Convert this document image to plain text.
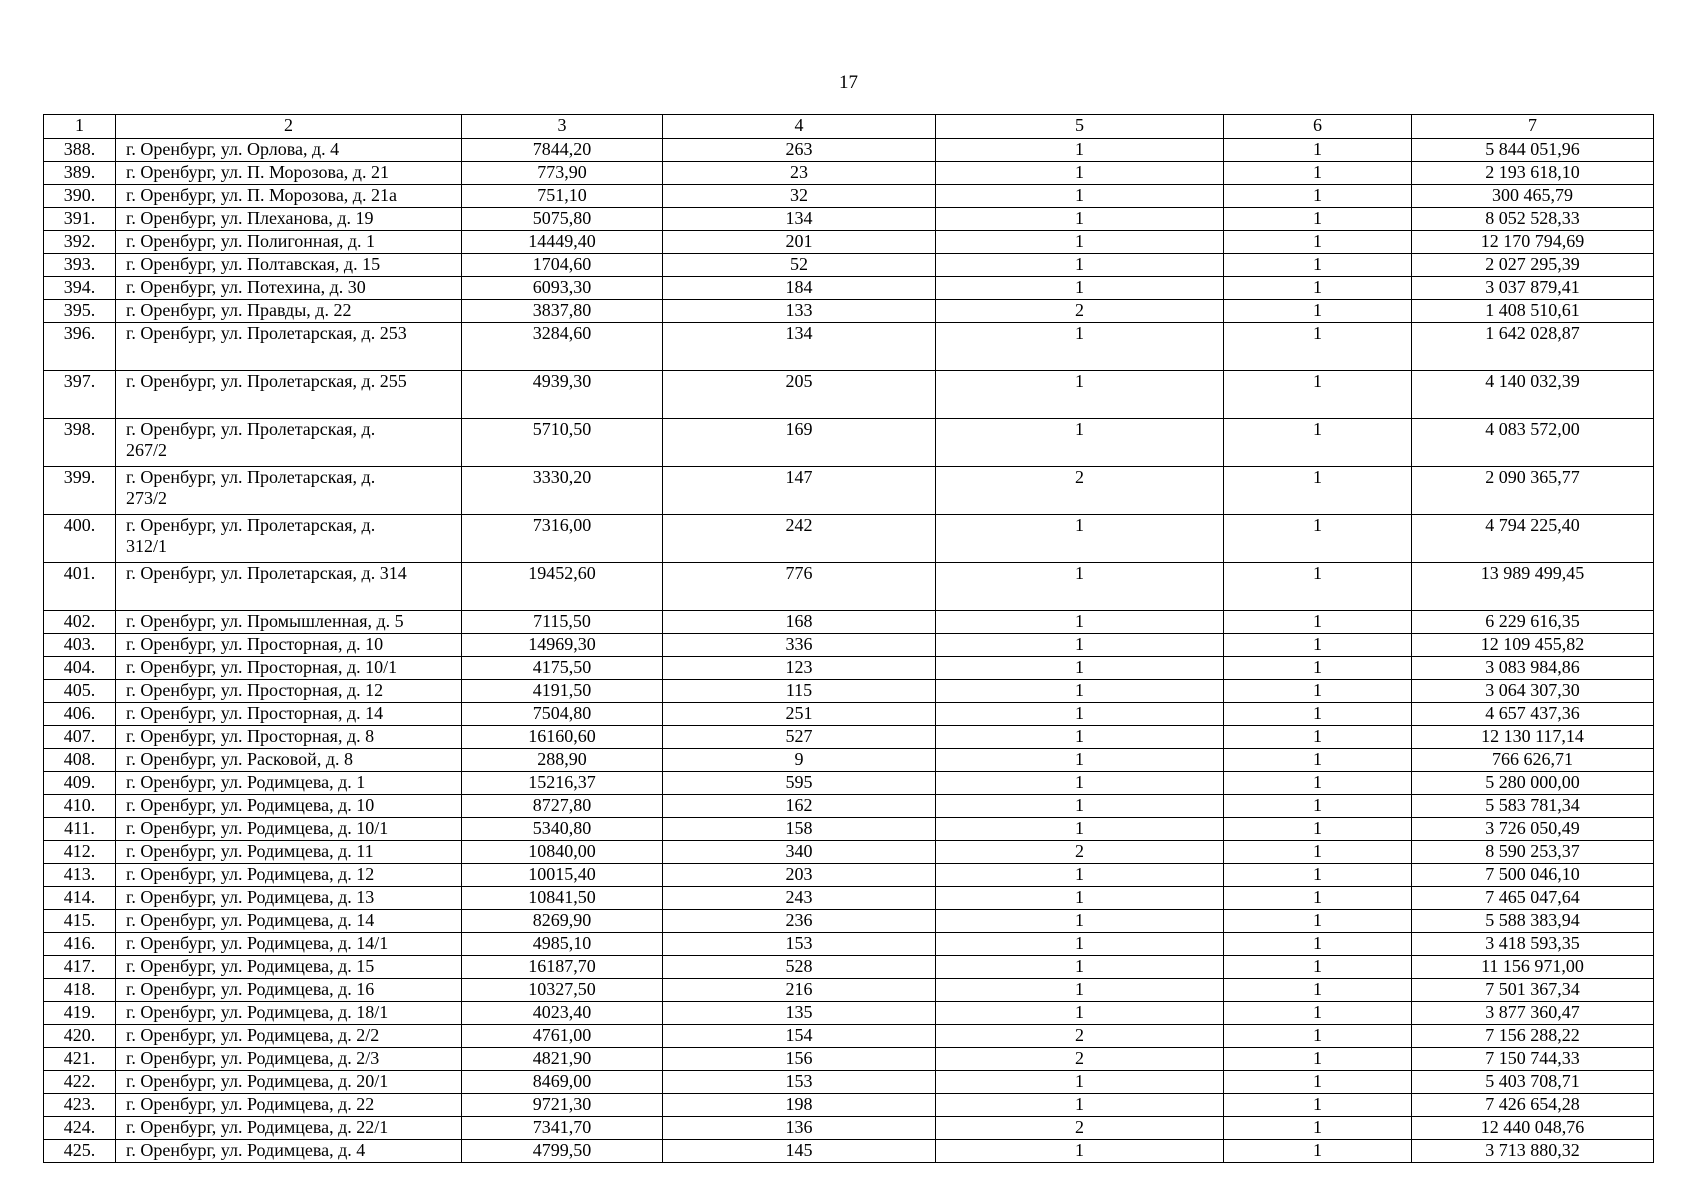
17
1	2	3	4	5	6	7
388.	г. Оренбург, ул. Орлова, д. 4	7844,20	263	1	1	5 844 051,96
389.	г. Оренбург, ул. П. Морозова, д. 21	773,90	23	1	1	2 193 618,10
390.	г. Оренбург, ул. П. Морозова, д. 21а	751,10	32	1	1	300 465,79
391.	г. Оренбург, ул. Плеханова, д. 19	5075,80	134	1	1	8 052 528,33
392.	г. Оренбург, ул. Полигонная, д. 1	14449,40	201	1	1	12 170 794,69
393.	г. Оренбург, ул. Полтавская, д. 15	1704,60	52	1	1	2 027 295,39
394.	г. Оренбург, ул. Потехина, д. 30	6093,30	184	1	1	3 037 879,41
395.	г. Оренбург, ул. Правды, д. 22	3837,80	133	2	1	1 408 510,61
396.	г. Оренбург, ул. Пролетарская, д. 253	3284,60	134	1	1	1 642 028,87
397.	г. Оренбург, ул. Пролетарская, д. 255	4939,30	205	1	1	4 140 032,39
398.	г. Оренбург, ул. Пролетарская, д. 267/2	5710,50	169	1	1	4 083 572,00
399.	г. Оренбург, ул. Пролетарская, д. 273/2	3330,20	147	2	1	2 090 365,77
400.	г. Оренбург, ул. Пролетарская, д. 312/1	7316,00	242	1	1	4 794 225,40
401.	г. Оренбург, ул. Пролетарская, д. 314	19452,60	776	1	1	13 989 499,45
402.	г. Оренбург, ул. Промышленная, д. 5	7115,50	168	1	1	6 229 616,35
403.	г. Оренбург, ул. Просторная, д. 10	14969,30	336	1	1	12 109 455,82
404.	г. Оренбург, ул. Просторная, д. 10/1	4175,50	123	1	1	3 083 984,86
405.	г. Оренбург, ул. Просторная, д. 12	4191,50	115	1	1	3 064 307,30
406.	г. Оренбург, ул. Просторная, д. 14	7504,80	251	1	1	4 657 437,36
407.	г. Оренбург, ул. Просторная, д. 8	16160,60	527	1	1	12 130 117,14
408.	г. Оренбург, ул. Расковой, д. 8	288,90	9	1	1	766 626,71
409.	г. Оренбург, ул. Родимцева, д. 1	15216,37	595	1	1	5 280 000,00
410.	г. Оренбург, ул. Родимцева, д. 10	8727,80	162	1	1	5 583 781,34
411.	г. Оренбург, ул. Родимцева, д. 10/1	5340,80	158	1	1	3 726 050,49
412.	г. Оренбург, ул. Родимцева, д. 11	10840,00	340	2	1	8 590 253,37
413.	г. Оренбург, ул. Родимцева, д. 12	10015,40	203	1	1	7 500 046,10
414.	г. Оренбург, ул. Родимцева, д. 13	10841,50	243	1	1	7 465 047,64
415.	г. Оренбург, ул. Родимцева, д. 14	8269,90	236	1	1	5 588 383,94
416.	г. Оренбург, ул. Родимцева, д. 14/1	4985,10	153	1	1	3 418 593,35
417.	г. Оренбург, ул. Родимцева, д. 15	16187,70	528	1	1	11 156 971,00
418.	г. Оренбург, ул. Родимцева, д. 16	10327,50	216	1	1	7 501 367,34
419.	г. Оренбург, ул. Родимцева, д. 18/1	4023,40	135	1	1	3 877 360,47
420.	г. Оренбург, ул. Родимцева, д. 2/2	4761,00	154	2	1	7 156 288,22
421.	г. Оренбург, ул. Родимцева, д. 2/3	4821,90	156	2	1	7 150 744,33
422.	г. Оренбург, ул. Родимцева, д. 20/1	8469,00	153	1	1	5 403 708,71
423.	г. Оренбург, ул. Родимцева, д. 22	9721,30	198	1	1	7 426 654,28
424.	г. Оренбург, ул. Родимцева, д. 22/1	7341,70	136	2	1	12 440 048,76
425.	г. Оренбург, ул. Родимцева, д. 4	4799,50	145	1	1	3 713 880,32
